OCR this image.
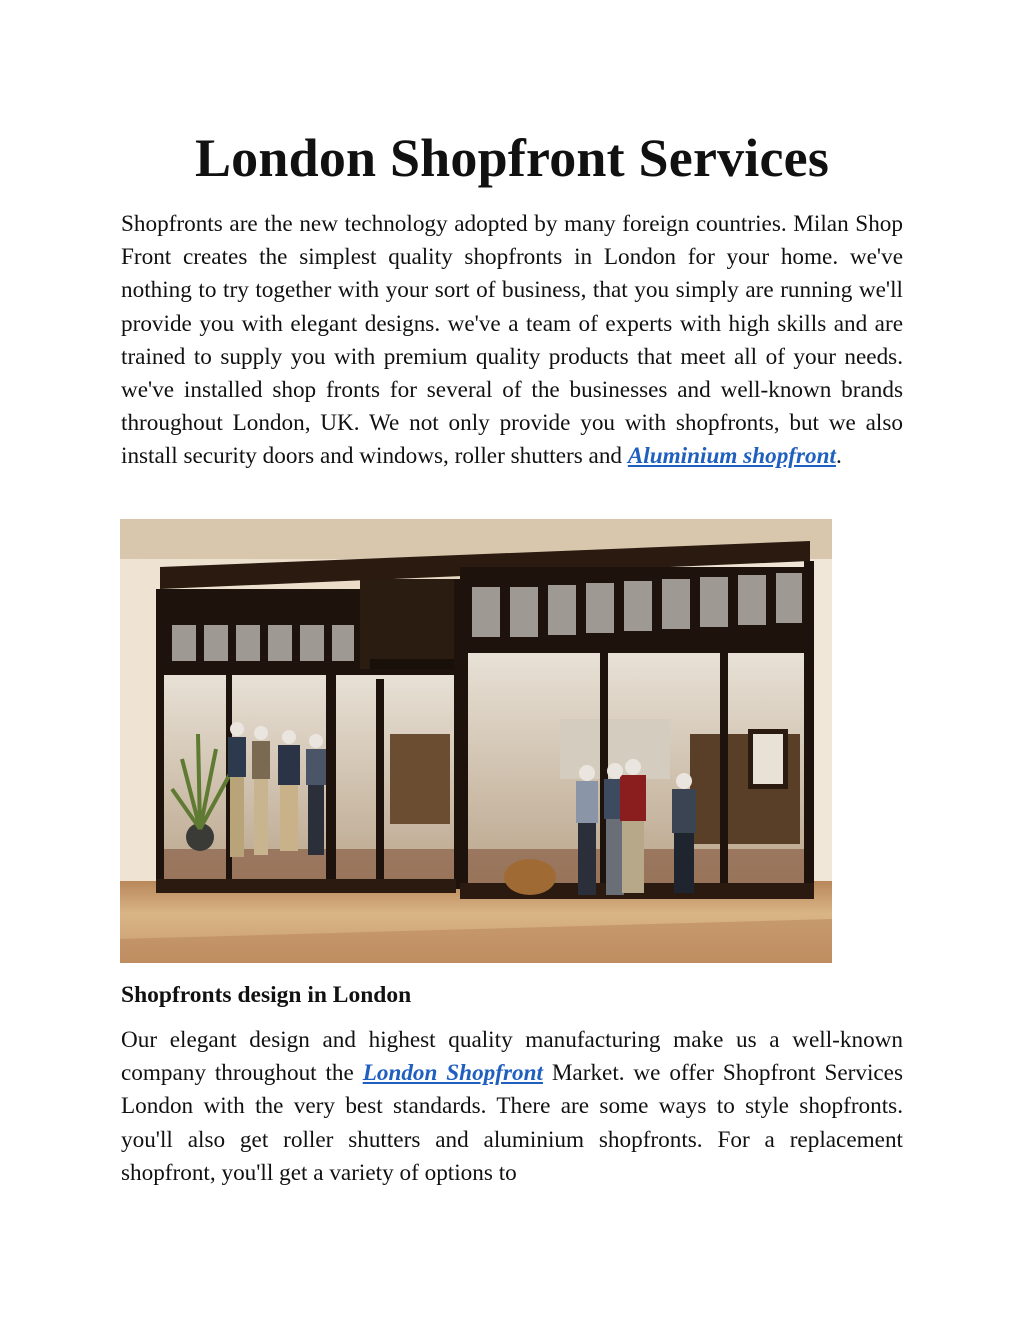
London Shopfront Services

Shopfronts are the new technology adopted by many foreign countries. Milan Shop Front creates the simplest quality shopfronts in London for your home. we've nothing to try together with your sort of business, that you simply are running we'll provide you with elegant designs. we've a team of experts with high skills and are trained to supply you with premium quality products that meet all of your needs. we've installed shop fronts for several of the businesses and well-known brands throughout London, UK. We not only provide you with shopfronts, but we also install security doors and windows, roller shutters and Aluminium shopfront.

Shopfronts design in London

Our elegant design and highest quality manufacturing make us a well-known company throughout the London Shopfront Market. we offer Shopfront Services London with the very best standards. There are some ways to style shopfronts. you'll also get roller shutters and aluminium shopfronts. For a replacement shopfront, you'll get a variety of options to
